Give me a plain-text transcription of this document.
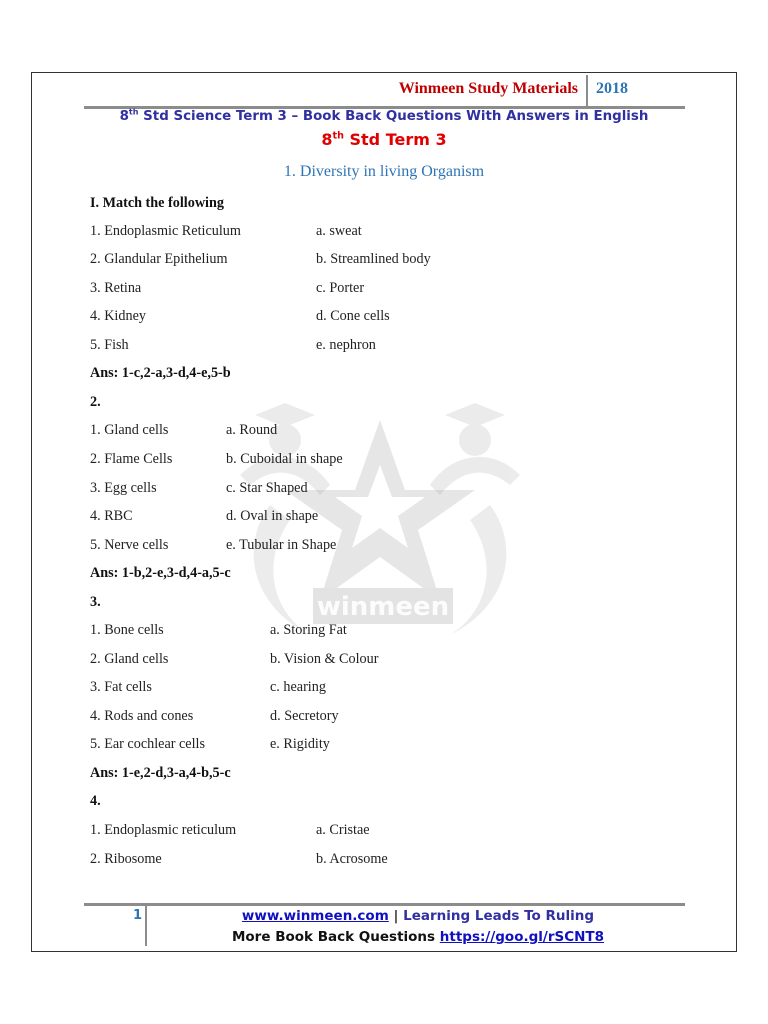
Winmeen Study Materials 2018
8th Std Science Term 3 – Book Back Questions With Answers in English
8th Std Term 3
1. Diversity in living Organism
winmeen
I. Match the following
1. Endoplasmic Reticulum	a. sweat
2. Glandular Epithelium	b. Streamlined body
3. Retina	c. Porter
4. Kidney	d. Cone cells
5. Fish	e. nephron
Ans: 1-c,2-a,3-d,4-e,5-b
2.
1. Gland cells	a. Round
2. Flame Cells	b. Cuboidal in shape
3. Egg cells	c. Star Shaped
4. RBC	d. Oval in shape
5. Nerve cells	e. Tubular in Shape
Ans: 1-b,2-e,3-d,4-a,5-c
3.
1. Bone cells	a. Storing Fat
2. Gland cells	b. Vision & Colour
3. Fat cells	c. hearing
4. Rods and cones	d. Secretory
5. Ear cochlear cells	e. Rigidity
Ans: 1-e,2-d,3-a,4-b,5-c
4.
1. Endoplasmic reticulum	a. Cristae
2. Ribosome	b. Acrosome
1	www.winmeen.com | Learning Leads To Ruling
More Book Back Questions https://goo.gl/rSCNT8
